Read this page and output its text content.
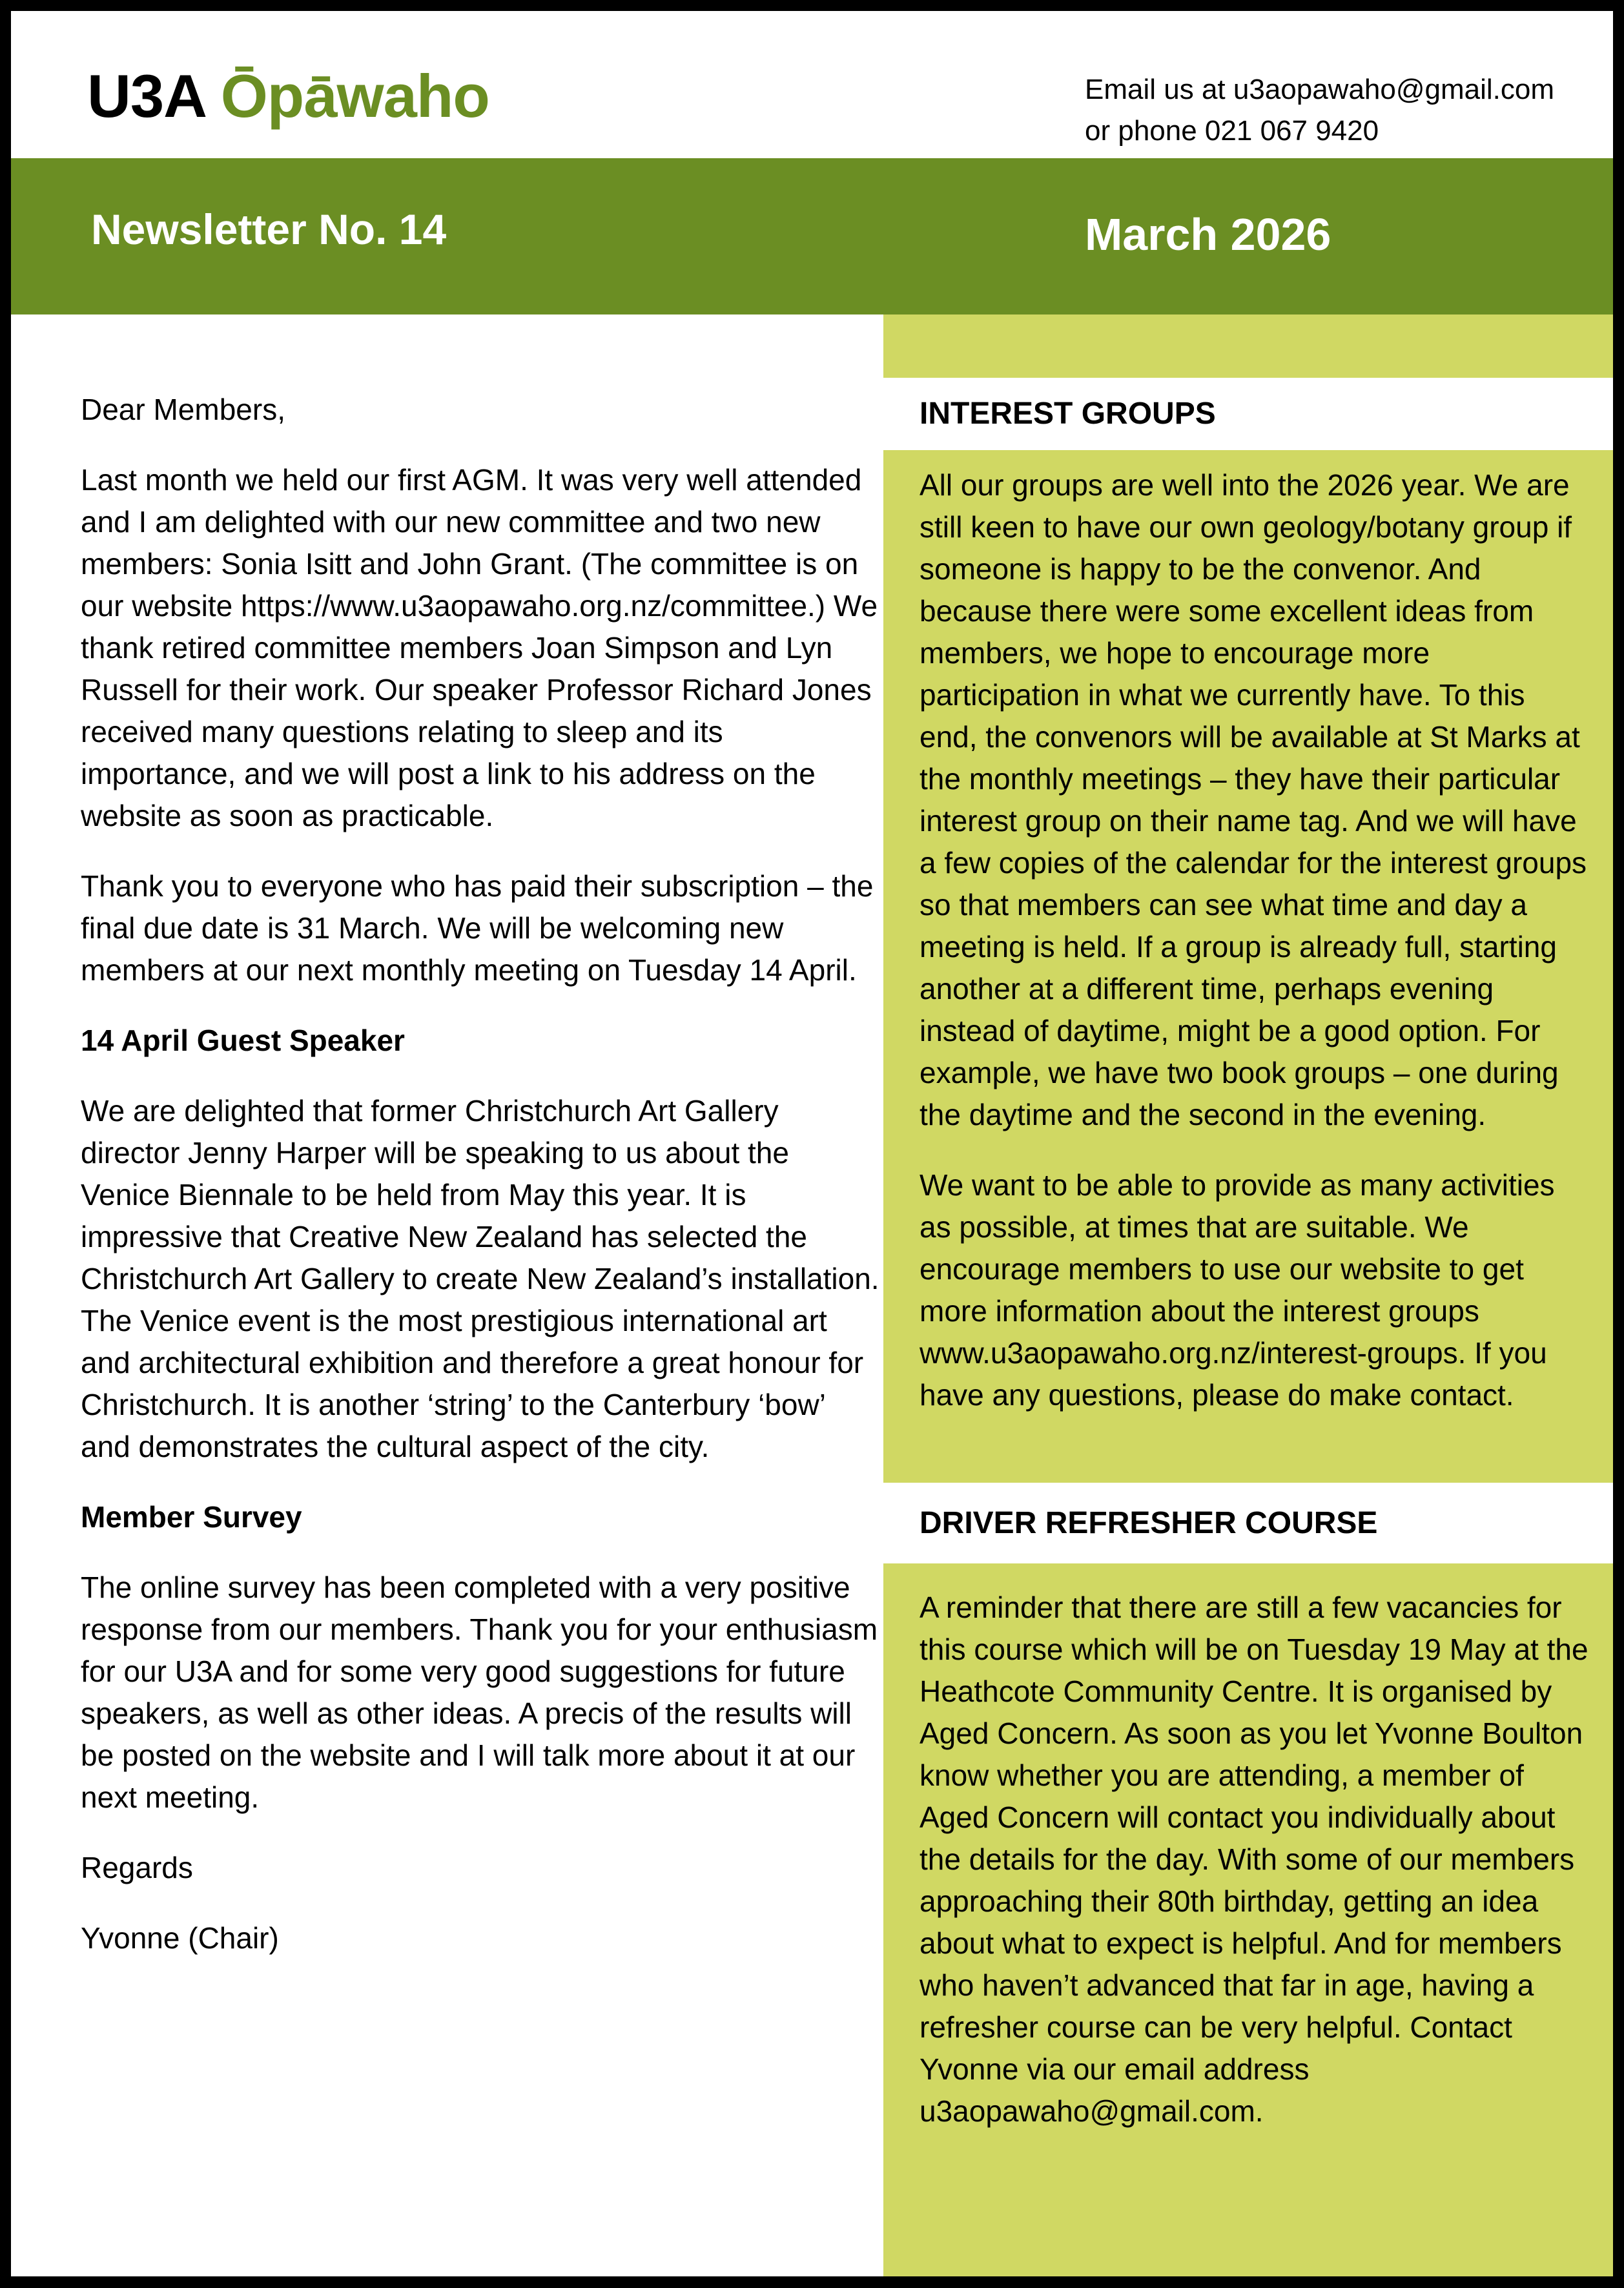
U3A Ōpāwaho	Email us at u3aopawaho@gmail.com
or phone 021 067 9420
Newsletter No. 14	March 2026

Dear Members,

Last month we held our first AGM. It was very well attended and I am delighted with our new committee and two new members: Sonia Isitt and John Grant. (The committee is on our website https://www.u3aopawaho.org.nz/committee.) We thank retired committee members Joan Simpson and Lyn Russell for their work. Our speaker Professor Richard Jones received many questions relating to sleep and its importance, and we will post a link to his address on the website as soon as practicable.

Thank you to everyone who has paid their subscription – the final due date is 31 March. We will be welcoming new members at our next monthly meeting on Tuesday 14 April.

14 April Guest Speaker

We are delighted that former Christchurch Art Gallery director Jenny Harper will be speaking to us about the Venice Biennale to be held from May this year. It is impressive that Creative New Zealand has selected the Christchurch Art Gallery to create New Zealand’s installation. The Venice event is the most prestigious international art and architectural exhibition and therefore a great honour for Christchurch. It is another ‘string’ to the Canterbury ‘bow’ and demonstrates the cultural aspect of the city.

Member Survey

The online survey has been completed with a very positive response from our members. Thank you for your enthusiasm for our U3A and for some very good suggestions for future speakers, as well as other ideas. A precis of the results will be posted on the website and I will talk more about it at our next meeting.

Regards

Yvonne (Chair)

INTEREST GROUPS

All our groups are well into the 2026 year. We are still keen to have our own geology/botany group if someone is happy to be the convenor. And because there were some excellent ideas from members, we hope to encourage more participation in what we currently have. To this end, the convenors will be available at St Marks at the monthly meetings – they have their particular interest group on their name tag. And we will have a few copies of the calendar for the interest groups so that members can see what time and day a meeting is held. If a group is already full, starting another at a different time, perhaps evening instead of daytime, might be a good option. For example, we have two book groups – one during the daytime and the second in the evening.

We want to be able to provide as many activities as possible, at times that are suitable. We encourage members to use our website to get more information about the interest groups www.u3aopawaho.org.nz/interest-groups. If you have any questions, please do make contact.

DRIVER REFRESHER COURSE

A reminder that there are still a few vacancies for this course which will be on Tuesday 19 May at the Heathcote Community Centre. It is organised by Aged Concern. As soon as you let Yvonne Boulton know whether you are attending, a member of Aged Concern will contact you individually about the details for the day. With some of our members approaching their 80th birthday, getting an idea about what to expect is helpful. And for members who haven’t advanced that far in age, having a refresher course can be very helpful. Contact Yvonne via our email address u3aopawaho@gmail.com.
